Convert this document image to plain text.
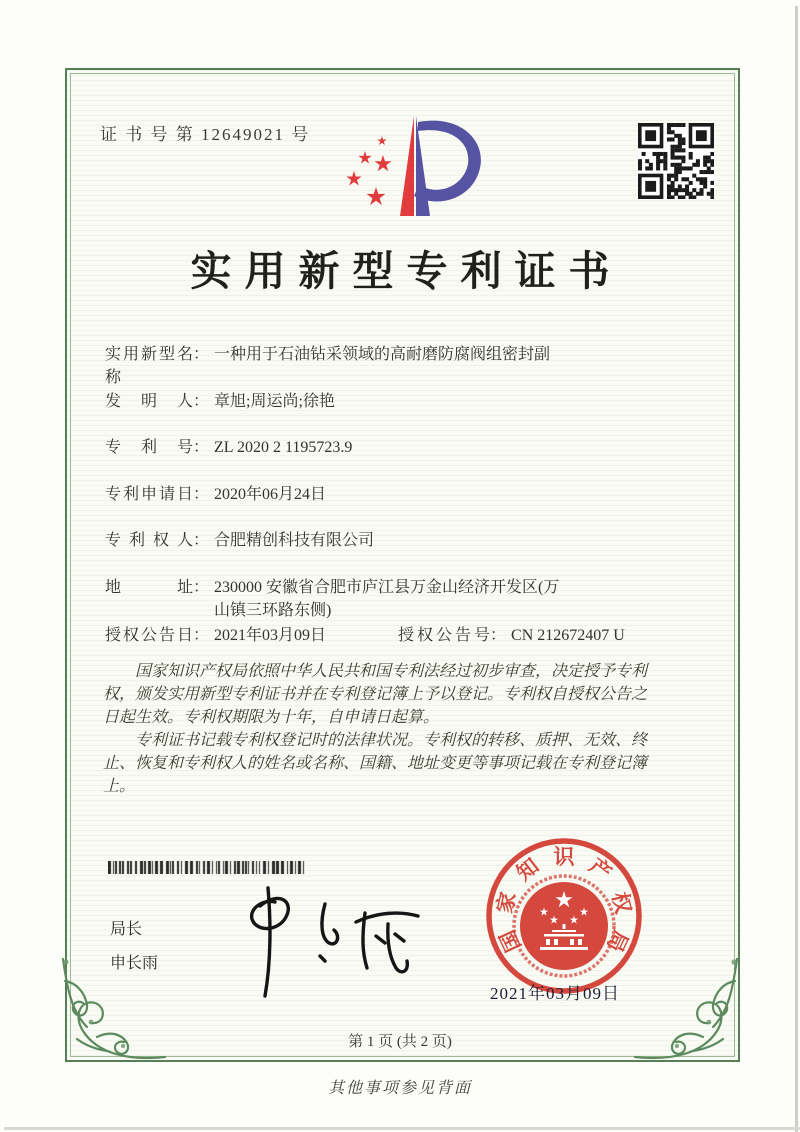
证 书 号 第 12649021 号
实用新型专利证书
实用新型名称
： 一种用于石油钻采领域的高耐磨防腐阀组密封副
发明人 ： 章旭;周运尚;徐艳
专利号 ： ZL 2020 2 1195723.9
专利申请日 ： 2020年06月24日
专利权人 ： 合肥精创科技有限公司
地址 ： 230000 安徽省合肥市庐江县万金山经济开发区(万山镇三环路东侧)
授权公告日 ： 2021年03月09日	授权公告号 ： CN 212672407 U

国家知识产权局依照中华人民共和国专利法经过初步审查，决定授予专利权，颁发实用新型专利证书并在专利登记簿上予以登记。专利权自授权公告之日起生效。专利权期限为十年，自申请日起算。

专利证书记载专利权登记时的法律状况。专利权的转移、质押、无效、终止、恢复和专利权人的姓名或名称、国籍、地址变更等事项记载在专利登记簿上。

局长
申长雨
国
家
知 识 产
权
局
2021年03月09日
第 1 页 (共 2 页)
其他事项参见背面
